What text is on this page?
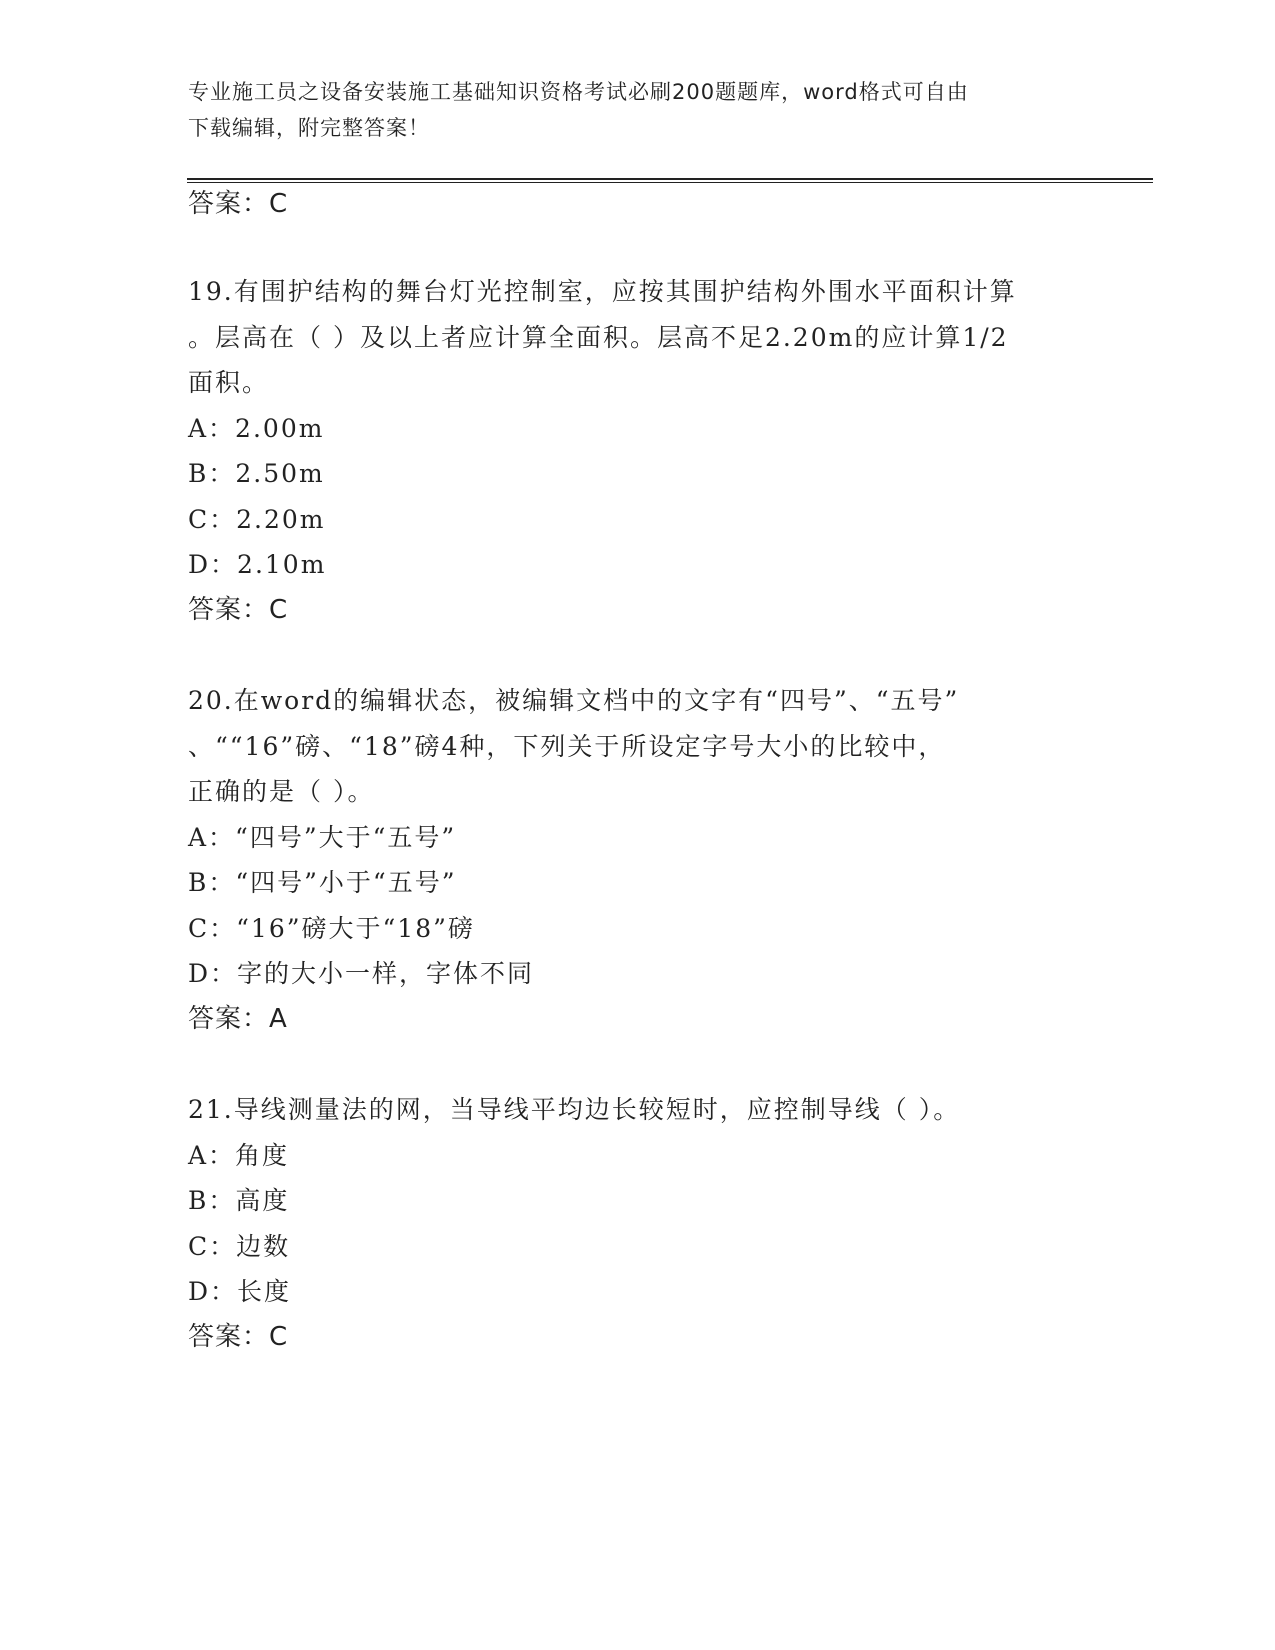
专业施工员之设备安装施工基础知识资格考试必刷200题题库，word格式可自由
下载编辑，附完整答案！
答案：C
19.有围护结构的舞台灯光控制室，应按其围护结构外围水平面积计算
。层高在（ ）及以上者应计算全面积。层高不足2.20m的应计算1/2
面积。
A：2.00m
B：2.50m
C：2.20m
D：2.10m
答案：C
20.在word的编辑状态，被编辑文档中的文字有“四号”、“五号”
、““16”磅、“18”磅4种，下列关于所设定字号大小的比较中，
正确的是（ ）。
A：“四号”大于“五号”
B：“四号”小于“五号”
C：“16”磅大于“18”磅
D：字的大小一样，字体不同
答案：A
21.导线测量法的网，当导线平均边长较短时，应控制导线（ ）。
A：角度
B：高度
C：边数
D：长度
答案：C
